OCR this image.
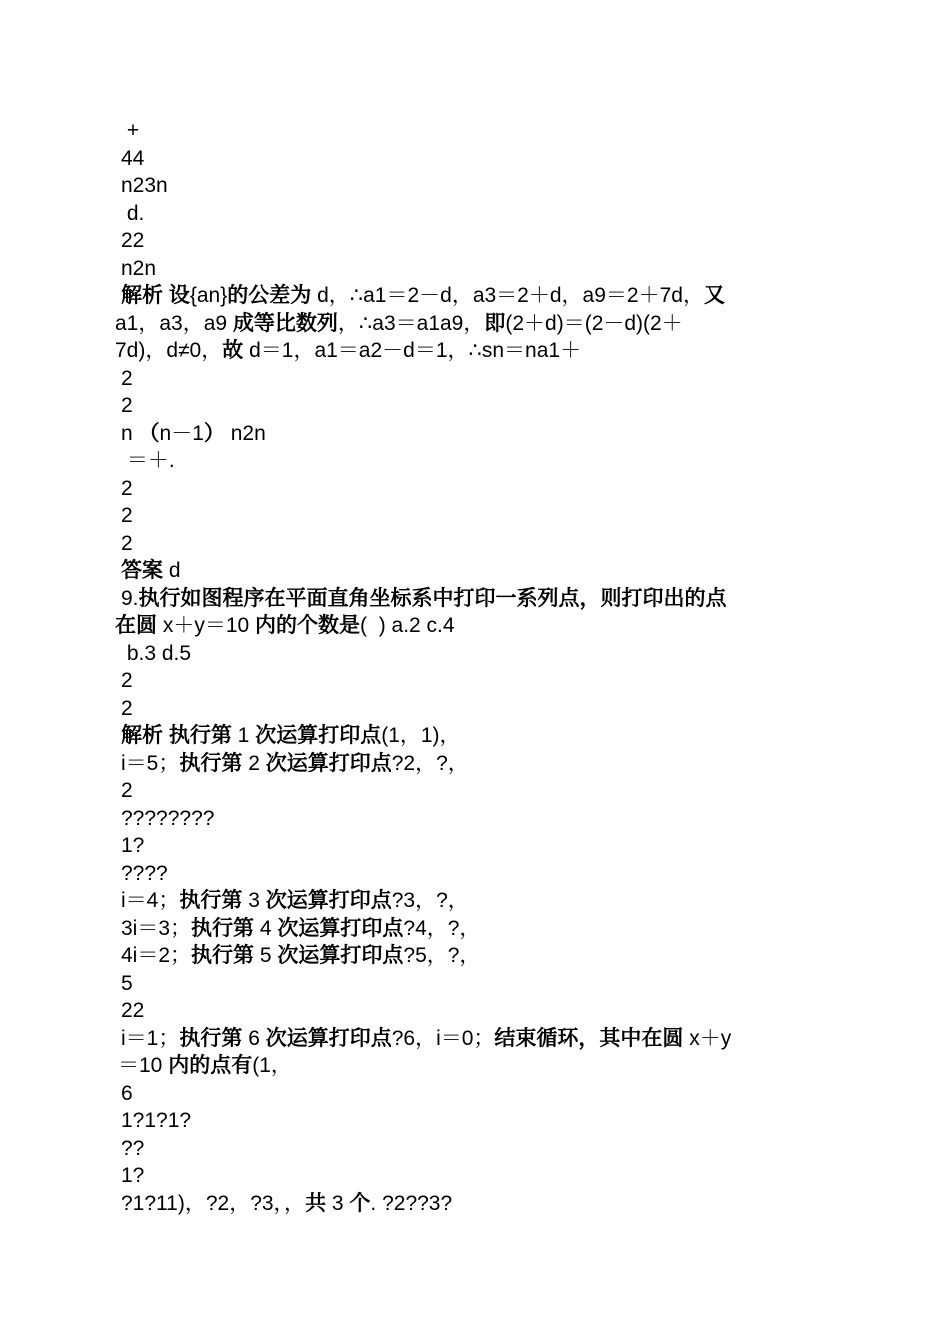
+
44
n23n
d.
22
n2n
解析 设{an}的公差为 d，∴a1＝2－d，a3＝2＋d，a9＝2＋7d，又
a1，a3，a9 成等比数列，∴a3＝a1a9，即(2＋d)＝(2－d)(2＋
7d)，d≠0，故 d＝1，a1＝a2－d＝1，∴sn＝na1＋
2
2
n （n－1） n2n
＝＋.
2
2
2
答案 d
9.执行如图程序在平面直角坐标系中打印一系列点，则打印出的点
在圆 x＋y＝10 内的个数是(  ) a.2 c.4
b.3 d.5
2
2
解析 执行第 1 次运算打印点(1，1)，
i＝5；执行第 2 次运算打印点?2，?，
2
????????
1?
????
i＝4；执行第 3 次运算打印点?3，?，
3i＝3；执行第 4 次运算打印点?4，?，
4i＝2；执行第 5 次运算打印点?5，?，
5
22
i＝1；执行第 6 次运算打印点?6，i＝0；结束循环，其中在圆 x＋y
＝10 内的点有(1，
6
1?1?1?
??
1?
?1?11)，?2，?3，，共 3 个. ?2??3?
